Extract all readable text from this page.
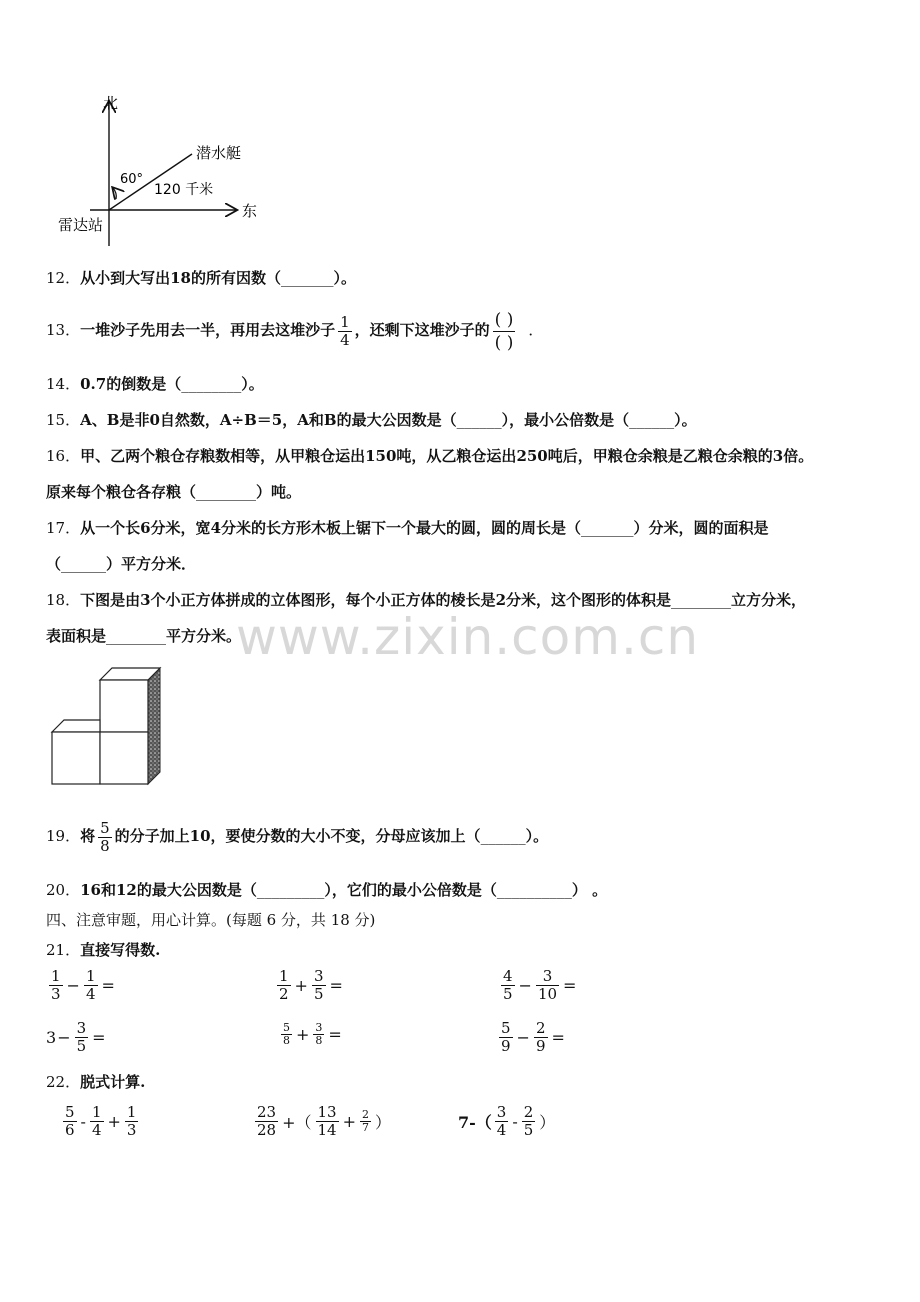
北
东
雷达站
潜水艇
60°
120 千米
12．从小到大写出18的所有因数（_______）。
13．一堆沙子先用去一半，再用去这堆沙子 $\frac{1}{4}$ ，还剩下这堆沙子的 $\frac{( )}{( )}$ ．
14．0.7的倒数是（________）。
15．A、B是非0自然数，A÷B＝5，A和B的最大公因数是（______），最小公倍数是（______）。
16．甲、乙两个粮仓存粮数相等，从甲粮仓运出150吨，从乙粮仓运出250吨后，甲粮仓余粮是乙粮仓余粮的3倍。
原来每个粮仓各存粮（________）吨。
17．从一个长6分米，宽4分米的长方形木板上锯下一个最大的圆，圆的周长是（_______）分米，圆的面积是
（______）平方分米．
18．下图是由3个小正方体拼成的立体图形，每个小正方体的棱长是2分米，这个图形的体积是________立方分米，
表面积是________平方分米。
www.zixin.com.cn
19．将 $\frac{5}{8}$ 的分子加上10，要使分数的大小不变，分母应该加上（______）。
20．16和12的最大公因数是（_________），它们的最小公倍数是（__________） 。
四、注意审题，用心计算。(每题 6 分，共 18 分)
21．直接写得数.
$\frac{1}{3} - \frac{1}{4}$ =	$\frac{1}{2} + \frac{3}{5}$ =	$\frac{4}{5} - \frac{3}{10}$ =
$3 - \frac{3}{5}$ =	$\frac{5}{8} + \frac{3}{8}$ =	$\frac{5}{9} - \frac{2}{9}$ =
22．脱式计算.
$\frac{5}{6} - \frac{1}{4} + \frac{1}{3}$	$\frac{23}{28}$ +（ $\frac{13}{14} + \frac{2}{7}$ ）	$7-( \frac{3}{4} - \frac{2}{5}$ ）
